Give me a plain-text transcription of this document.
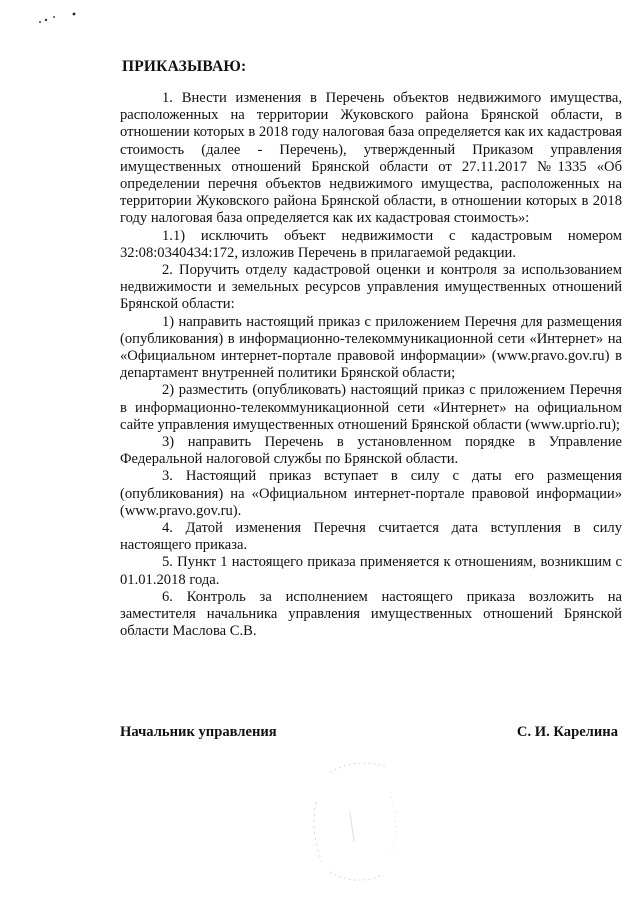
ПРИКАЗЫВАЮ:

1. Внести изменения в Перечень объектов недвижимого имущества, расположенных на территории Жуковского района Брянской области, в отношении которых в 2018 году налоговая база определяется как их кадастровая стоимость (далее - Перечень), утвержденный Приказом управления имущественных отношений Брянской области от 27.11.2017 №1335 «Об определении перечня объектов недвижимого имущества, расположенных на территории Жуковского района Брянской области, в отношении которых в 2018 году налоговая база определяется как их кадастровая стоимость»:

1.1) исключить объект недвижимости с кадастровым номером 32:08:0340434:172, изложив Перечень в прилагаемой редакции.

2. Поручить отделу кадастровой оценки и контроля за использованием недвижимости и земельных ресурсов управления имущественных отношений Брянской области:

1) направить настоящий приказ с приложением Перечня для размещения (опубликования) в информационно-телекоммуникационной сети «Интернет» на «Официальном интернет-портале правовой информации» (www.pravo.gov.ru) в департамент внутренней политики Брянской области;

2) разместить (опубликовать) настоящий приказ с приложением Перечня в информационно-телекоммуникационной сети «Интернет» на официальном сайте управления имущественных отношений Брянской области (www.uprio.ru);

3) направить Перечень в установленном порядке в Управление Федеральной налоговой службы по Брянской области.

3. Настоящий приказ вступает в силу с даты его размещения (опубликования) на «Официальном интернет-портале правовой информации» (www.pravo.gov.ru).

4. Датой изменения Перечня считается дата вступления в силу настоящего приказа.

5. Пункт 1 настоящего приказа применяется к отношениям, возникшим с 01.01.2018 года.

6. Контроль за исполнением настоящего приказа возложить на заместителя начальника управления имущественных отношений Брянской области Маслова С.В.

Начальник управления	С. И. Карелина
